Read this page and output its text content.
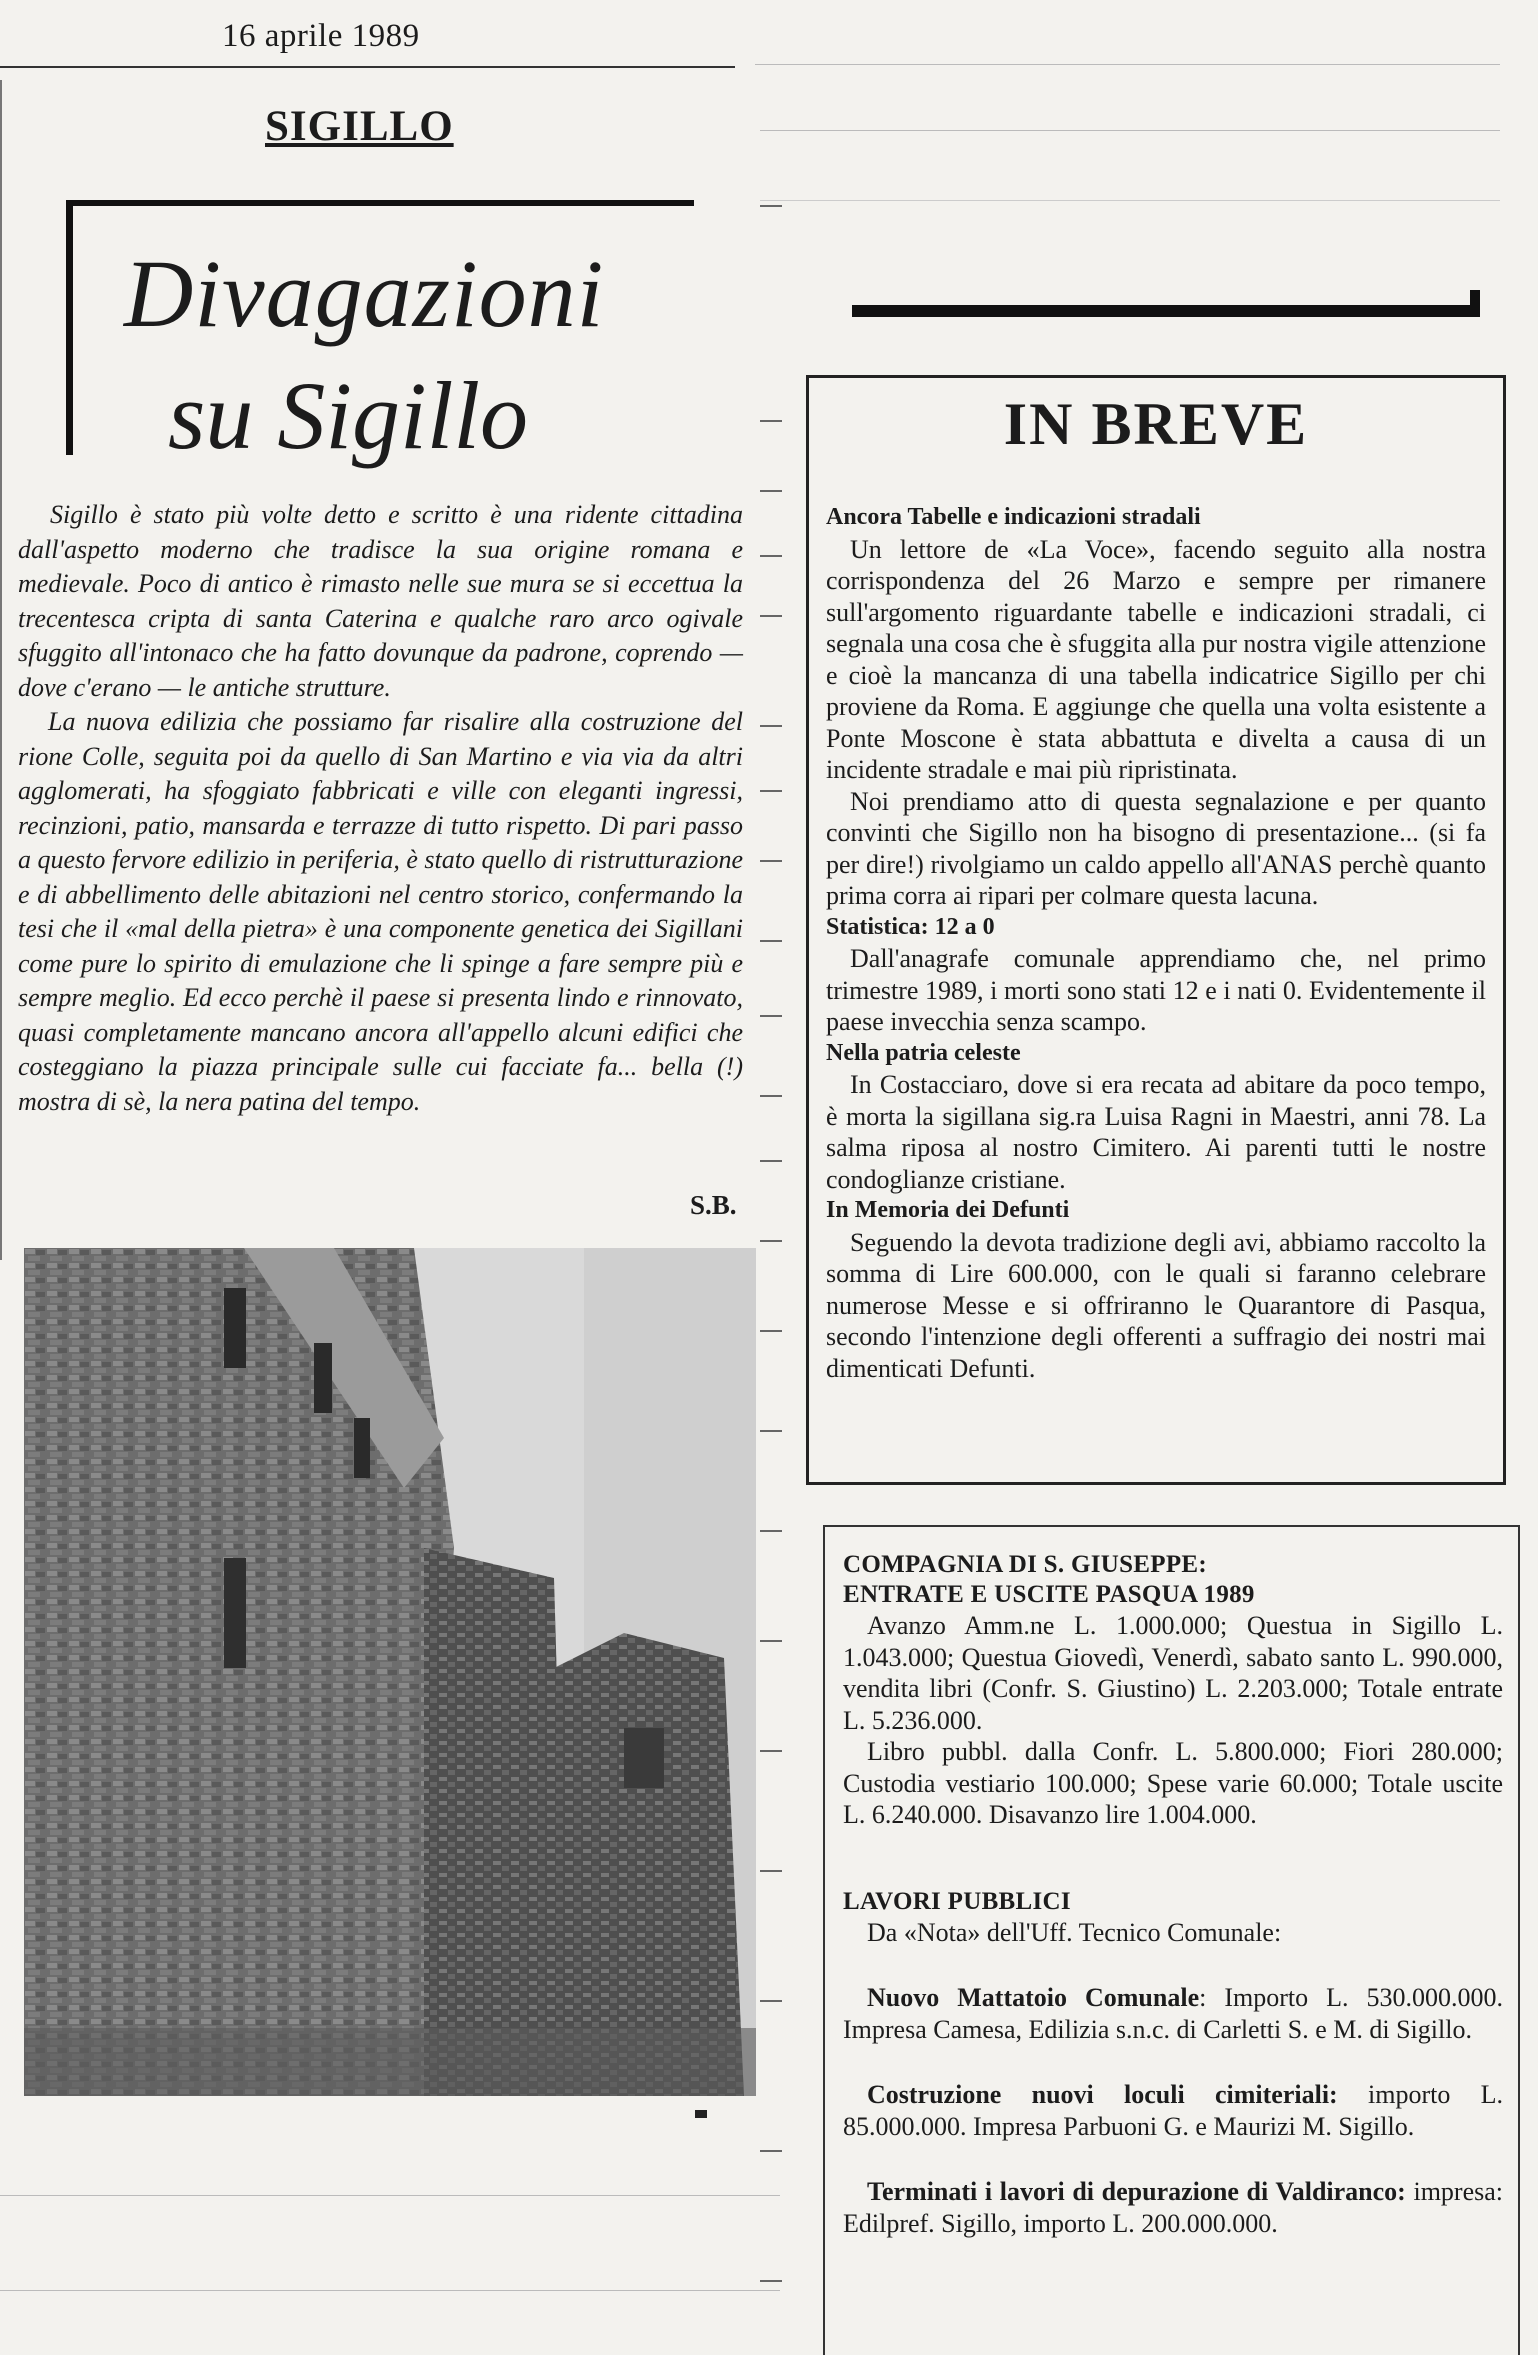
16 aprile 1989
SIGILLO
Divagazioni
su Sigillo

Sigillo è stato più volte detto e scritto è una ridente cittadina dall'aspetto moderno che tradisce la sua origine romana e medievale. Poco di antico è rimasto nelle sue mura se si eccettua la trecentesca cripta di santa Caterina e qualche raro arco ogivale sfuggito all'intonaco che ha fatto dovunque da padrone, coprendo — dove c'erano — le antiche strutture.

La nuova edilizia che possiamo far risalire alla costruzione del rione Colle, seguita poi da quello di San Martino e via via da altri agglomerati, ha sfoggiato fabbricati e ville con eleganti ingressi, recinzioni, patio, mansarda e terrazze di tutto rispetto. Di pari passo a questo fervore edilizio in periferia, è stato quello di ristrutturazione e di abbellimento delle abitazioni nel centro storico, confermando la tesi che il «mal della pietra» è una componente genetica dei Sigillani come pure lo spirito di emulazione che li spinge a fare sempre più e sempre meglio. Ed ecco perchè il paese si presenta lindo e rinnovato, quasi completamente mancano ancora all'appello alcuni edifici che costeggiano la piazza principale sulle cui facciate fa... bella (!) mostra di sè, la nera patina del tempo.

S.B.
IN BREVE
Ancora Tabelle e indicazioni stradali

Un lettore de «La Voce», facendo seguito alla nostra corrispondenza del 26 Marzo e sempre per rimanere sull'argomento riguardante tabelle e indicazioni stradali, ci segnala una cosa che è sfuggita alla pur nostra vigile attenzione e cioè la mancanza di una tabella indicatrice Sigillo per chi proviene da Roma. E aggiunge che quella una volta esistente a Ponte Moscone è stata abbattuta e divelta a causa di un incidente stradale e mai più ripristinata.

Noi prendiamo atto di questa segnalazione e per quanto convinti che Sigillo non ha bisogno di presentazione... (si fa per dire!) rivolgiamo un caldo appello all'ANAS perchè quanto prima corra ai ripari per colmare questa lacuna.

Statistica: 12 a 0

Dall'anagrafe comunale apprendiamo che, nel primo trimestre 1989, i morti sono stati 12 e i nati 0. Evidentemente il paese invecchia senza scampo.

Nella patria celeste

In Costacciaro, dove si era recata ad abitare da poco tempo, è morta la sigillana sig.ra Luisa Ragni in Maestri, anni 78. La salma riposa al nostro Cimitero. Ai parenti tutti le nostre condoglianze cristiane.

In Memoria dei Defunti

Seguendo la devota tradizione degli avi, abbiamo raccolto la somma di Lire 600.000, con le quali si faranno celebrare numerose Messe e si offriranno le Quarantore di Pasqua, secondo l'intenzione degli offerenti a suffragio dei nostri mai dimenticati Defunti.

COMPAGNIA DI S. GIUSEPPE:
ENTRATE E USCITE PASQUA 1989

Avanzo Amm.ne L. 1.000.000; Questua in Sigillo L. 1.043.000; Questua Giovedì, Venerdì, sabato santo L. 990.000, vendita libri (Confr. S. Giustino) L. 2.203.000; Totale entrate L. 5.236.000.

Libro pubbl. dalla Confr. L. 5.800.000; Fiori 280.000; Custodia vestiario 100.000; Spese varie 60.000; Totale uscite L. 6.240.000. Disavanzo lire 1.004.000.

LAVORI PUBBLICI

Da «Nota» dell'Uff. Tecnico Comunale:

Nuovo Mattatoio Comunale: Importo L. 530.000.000. Impresa Camesa, Edilizia s.n.c. di Carletti S. e M. di Sigillo.

Costruzione nuovi loculi cimiteriali: importo L. 85.000.000. Impresa Parbuoni G. e Maurizi M. Sigillo.

Terminati i lavori di depurazione di Valdiranco: impresa: Edilpref. Sigillo, importo L. 200.000.000.
